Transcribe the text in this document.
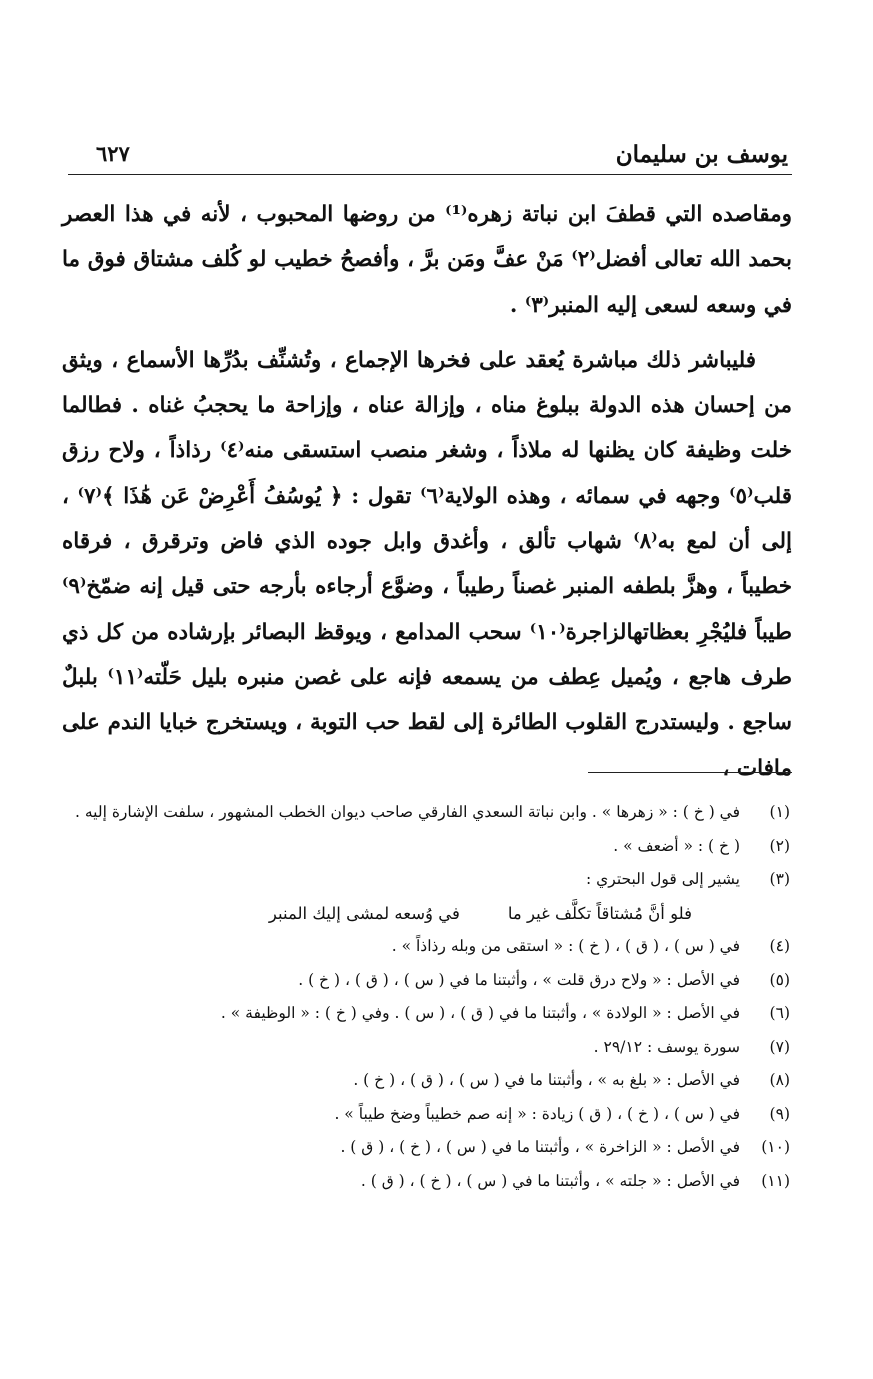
يوسف بن سليمان
٦٢٧

ومقاصده التي قطفَ ابن نباتة زهره⁽¹⁾ من روضها المحبوب ، لأنه في هذا العصر بحمد الله تعالى أفضل⁽٢⁾ مَنْ عفَّ ومَن برَّ ، وأفصحُ خطيب لو كُلف مشتاق فوق ما في وسعه لسعى إليه المنبر⁽٣⁾ .

فليباشر ذلك مباشرة يُعقد على فخرها الإجماع ، وتُشنِّف بدُرِّها الأسماع ، ويثق من إحسان هذه الدولة ببلوغ مناه ، وإزالة عناه ، وإزاحة ما يحجبُ غناه . فطالما خلت وظيفة كان يظنها له ملاذاً ، وشغر منصب استسقى منه⁽٤⁾ رذاذاً ، ولاح رزق قلب⁽٥⁾ وجهه في سمائه ، وهذه الولاية⁽٦⁾ تقول : ﴿ يُوسُفُ أَعْرِضْ عَن هَٰذَا ﴾⁽٧⁾ ، إلى أن لمع به⁽٨⁾ شهاب تألق ، وأغدق وابل جوده الذي فاض وترقرق ، فرقاه خطيباً ، وهزَّ بلطفه المنبر غصناً رطيباً ، وضوَّع أرجاءه بأرجه حتى قيل إنه ضمّخ⁽٩⁾ طيباً فليُجْرِ بعظاتهالزاجرة⁽١٠⁾ سحب المدامع ، ويوقظ البصائر بإرشاده من كل ذي طرف هاجع ، ويُميل عِطف من يسمعه فإنه على غصن منبره بليل حَلّته⁽١١⁾ بلبلٌ ساجع . وليستدرج القلوب الطائرة إلى لقط حب التوبة ، ويستخرج خبايا الندم على مافات ،

(١)
في ( خ ) : « زهرها » . وابن نباتة السعدي الفارقي صاحب ديوان الخطب المشهور ، سلفت الإشارة إليه .
(٢)
( خ ) : « أضعف » .
(٣)
يشير إلى قول البحتري :
فلو أنَّ مُشتاقاً تكلَّف غير ما
في وُسعه لمشى إليك المنبر
(٤)
في ( س ) ، ( ق ) ، ( خ ) : « استقى من وبله رذاذاً » .
(٥)
في الأصل : « ولاح درق قلت » ، وأثبتنا ما في ( س ) ، ( ق ) ، ( خ ) .
(٦)
في الأصل : « الولادة » ، وأثبتنا ما في ( ق ) ، ( س ) . وفي ( خ ) : « الوظيفة » .
(٧)
سورة يوسف : ٢٩/١٢ .
(٨)
في الأصل : « بلغ به » ، وأثبتنا ما في ( س ) ، ( ق ) ، ( خ ) .
(٩)
في ( س ) ، ( خ ) ، ( ق ) زيادة : « إنه صم خطيباً وضخ طيباً » .
(١٠)
في الأصل : « الزاخرة » ، وأثبتنا ما في ( س ) ، ( خ ) ، ( ق ) .
(١١)
في الأصل : « جلته » ، وأثبتنا ما في ( س ) ، ( خ ) ، ( ق ) .
